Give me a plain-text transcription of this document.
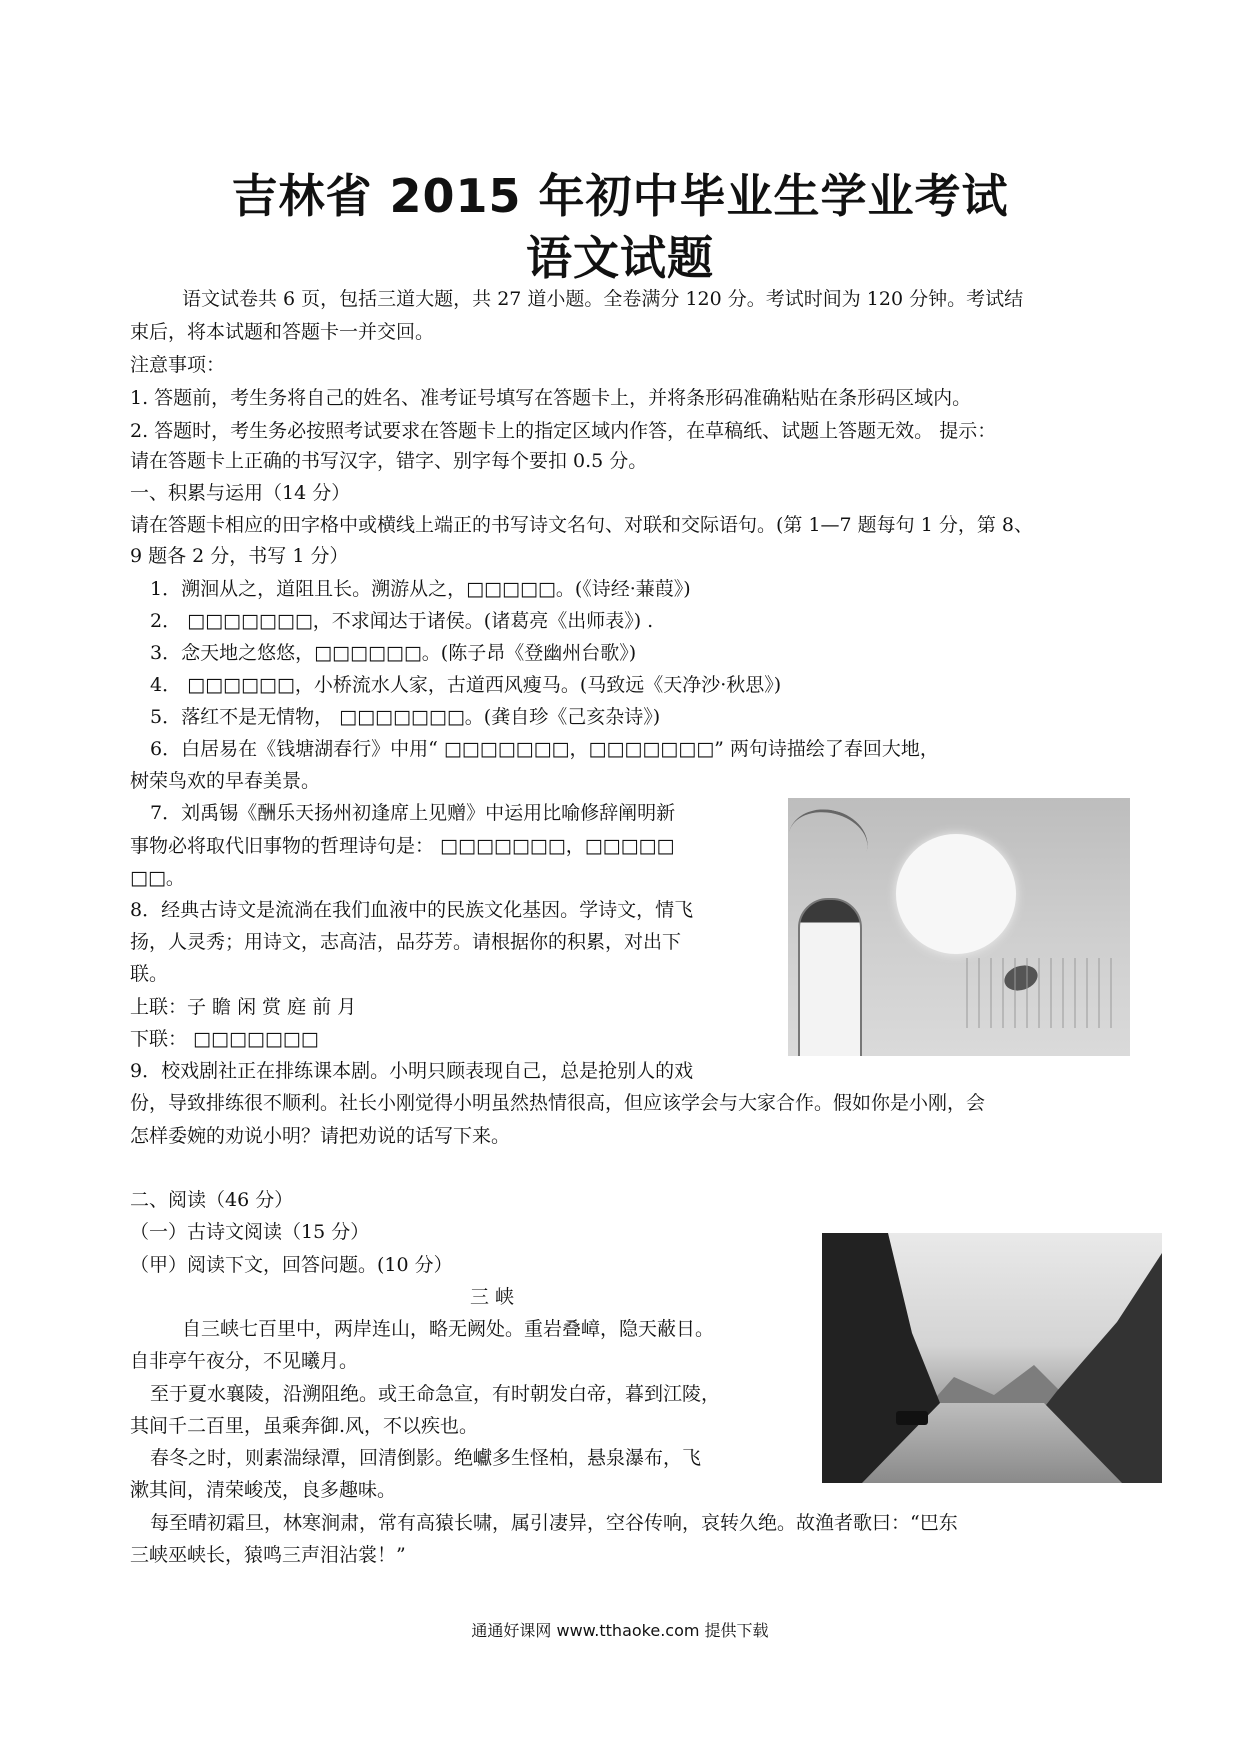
吉林省 2015 年初中毕业生学业考试
语文试题
语文试卷共 6 页，包括三道大题，共 27 道小题。全卷满分 120 分。考试时间为 120 分钟。考试结
束后，将本试题和答题卡一并交回。
注意事项：
1. 答题前，考生务将自己的姓名、准考证号填写在答题卡上，并将条形码准确粘贴在条形码区域内。
2. 答题时，考生务必按照考试要求在答题卡上的指定区域内作答，在草稿纸、试题上答题无效。 提示：
请在答题卡上正确的书写汉字，错字、别字每个要扣 0.5 分。
一、积累与运用（14 分）
请在答题卡相应的田字格中或横线上端正的书写诗文名句、对联和交际语句。(第 1—7 题每句 1 分，第 8、
9 题各 2 分，书写 1 分）
1．溯洄从之，道阻且长。溯游从之，□□□□□。(《诗经·蒹葭》)
2． □□□□□□□，不求闻达于诸侯。(诸葛亮《出师表》) .
3．念天地之悠悠，□□□□□□。(陈子昂《登幽州台歌》)
4． □□□□□□，小桥流水人家，古道西风瘦马。(马致远《天净沙·秋思》)
5．落红不是无情物， □□□□□□□。(龚自珍《己亥杂诗》)
6．白居易在《钱塘湖春行》中用“ □□□□□□□，□□□□□□□” 两句诗描绘了春回大地，
树荣鸟欢的早春美景。
7．刘禹锡《酬乐天扬州初逢席上见赠》中运用比喻修辞阐明新
事物必将取代旧事物的哲理诗句是： □□□□□□□，□□□□□
□□。
8．经典古诗文是流淌在我们血液中的民族文化基因。学诗文，情飞
扬，人灵秀；用诗文，志高洁，品芬芳。请根据你的积累，对出下
联。
上联：子 瞻 闲 赏 庭 前 月
下联： □□□□□□□
9．校戏剧社正在排练课本剧。小明只顾表现自己，总是抢别人的戏
份，导致排练很不顺利。社长小刚觉得小明虽然热情很高，但应该学会与大家合作。假如你是小刚，会
怎样委婉的劝说小明？请把劝说的话写下来。
二、阅读（46 分）
（一）古诗文阅读（15 分）
（甲）阅读下文，回答问题。(10 分）
三 峡
自三峡七百里中，两岸连山，略无阙处。重岩叠嶂，隐天蔽日。
自非亭午夜分，不见曦月。
至于夏水襄陵，沿溯阻绝。或王命急宣，有时朝发白帝，暮到江陵，
其间千二百里，虽乘奔御.风，不以疾也。
春冬之时，则素湍绿潭，回清倒影。绝巘多生怪柏，悬泉瀑布，飞
漱其间，清荣峻茂，良多趣味。
每至晴初霜旦，林寒涧肃，常有高猿长啸，属引凄异，空谷传响，哀转久绝。故渔者歌曰：“巴东
三峡巫峡长，猿鸣三声泪沾裳！”
通通好课网 www.tthaoke.com 提供下载
